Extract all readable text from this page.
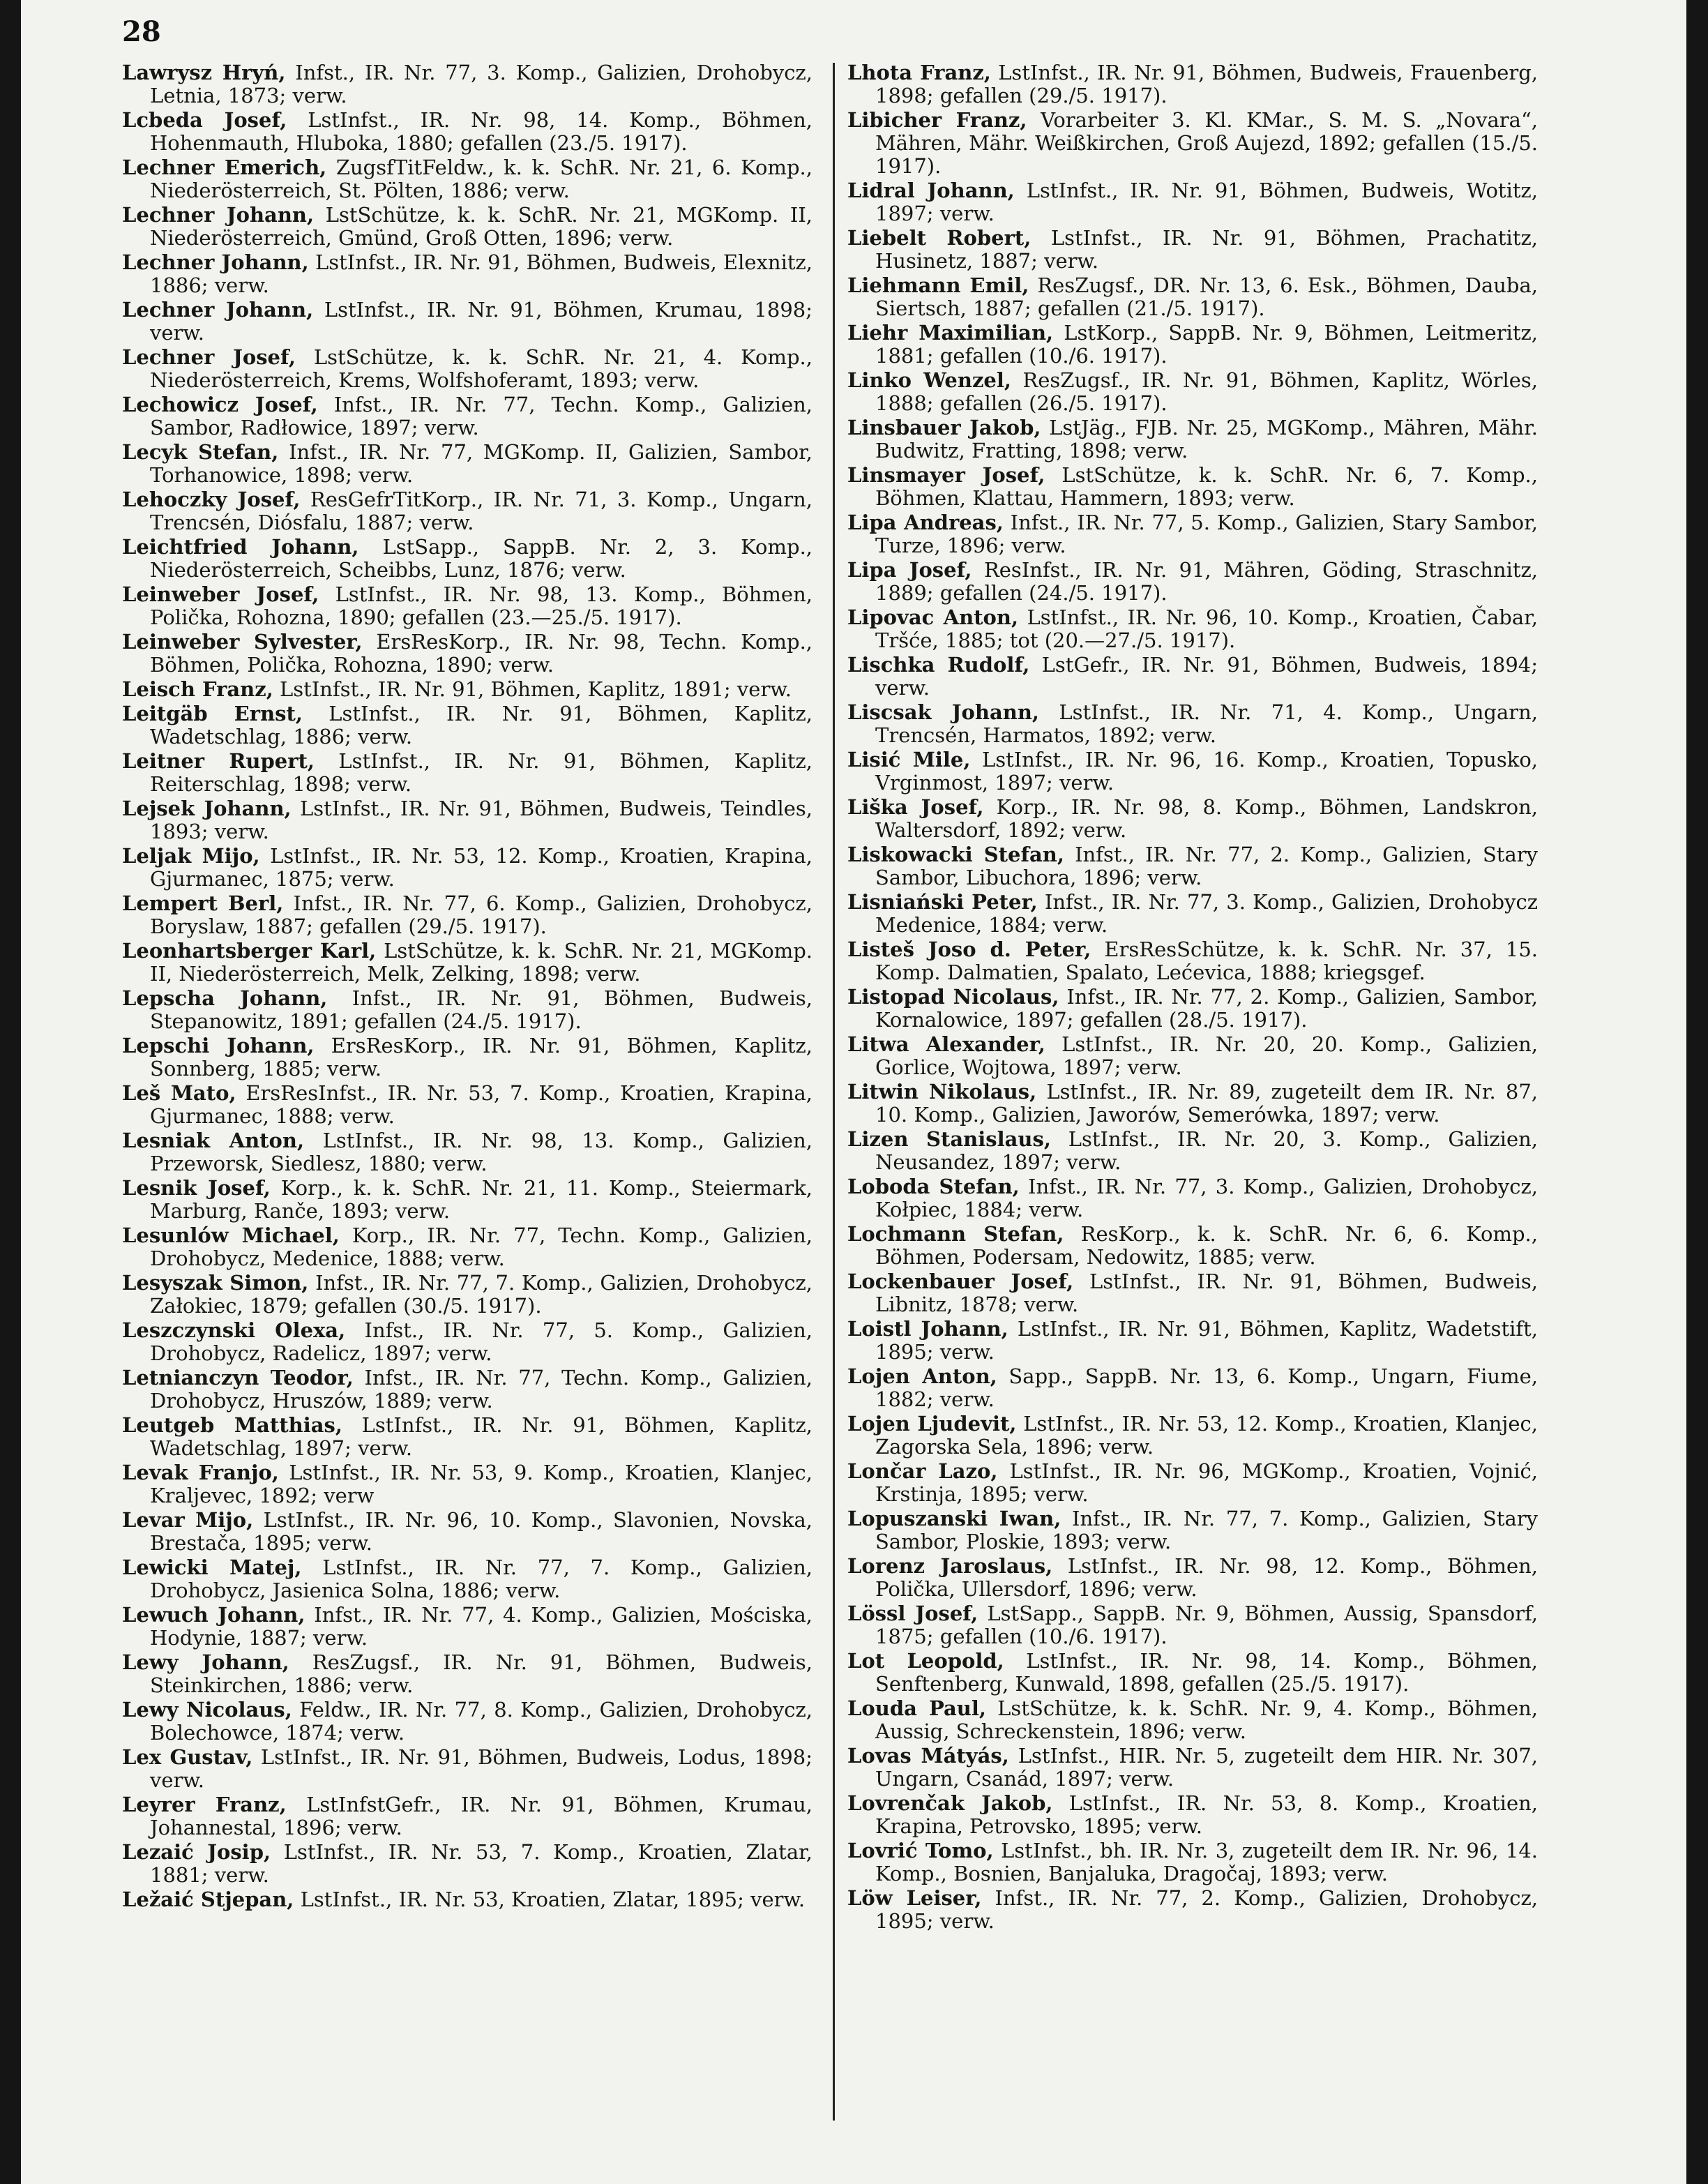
28

Lawrysz Hryń, Infst., IR. Nr. 77, 3. Komp., Galizien, Drohobycz, Letnia, 1873; verw.

Lcbeda Josef, LstInfst., IR. Nr. 98, 14. Komp., Böhmen, Hohenmauth, Hluboka, 1880; gefallen (23./5. 1917).

Lechner Emerich, ZugsfTitFeldw., k. k. SchR. Nr. 21, 6. Komp., Niederösterreich, St. Pölten, 1886; verw.

Lechner Johann, LstSchütze, k. k. SchR. Nr. 21, MGKomp. II, Niederösterreich, Gmünd, Groß Otten, 1896; verw.

Lechner Johann, LstInfst., IR. Nr. 91, Böhmen, Budweis, Elexnitz, 1886; verw.

Lechner Johann, LstInfst., IR. Nr. 91, Böhmen, Krumau, 1898; verw.

Lechner Josef, LstSchütze, k. k. SchR. Nr. 21, 4. Komp., Niederösterreich, Krems, Wolfshoferamt, 1893; verw.

Lechowicz Josef, Infst., IR. Nr. 77, Techn. Komp., Galizien, Sambor, Radłowice, 1897; verw.

Lecyk Stefan, Infst., IR. Nr. 77, MGKomp. II, Galizien, Sambor, Torhanowice, 1898; verw.

Lehoczky Josef, ResGefrTitKorp., IR. Nr. 71, 3. Komp., Ungarn, Trencsén, Diósfalu, 1887; verw.

Leichtfried Johann, LstSapp., SappB. Nr. 2, 3. Komp., Niederösterreich, Scheibbs, Lunz, 1876; verw.

Leinweber Josef, LstInfst., IR. Nr. 98, 13. Komp., Böhmen, Polička, Rohozna, 1890; gefallen (23.—25./5. 1917).

Leinweber Sylvester, ErsResKorp., IR. Nr. 98, Techn. Komp., Böhmen, Polička, Rohozna, 1890; verw.

Leisch Franz, LstInfst., IR. Nr. 91, Böhmen, Kaplitz, 1891; verw.

Leitgäb Ernst, LstInfst., IR. Nr. 91, Böhmen, Kaplitz, Wadetschlag, 1886; verw.

Leitner Rupert, LstInfst., IR. Nr. 91, Böhmen, Kaplitz, Reiterschlag, 1898; verw.

Lejsek Johann, LstInfst., IR. Nr. 91, Böhmen, Budweis, Teindles, 1893; verw.

Leljak Mijo, LstInfst., IR. Nr. 53, 12. Komp., Kroatien, Krapina, Gjurmanec, 1875; verw.

Lempert Berl, Infst., IR. Nr. 77, 6. Komp., Galizien, Drohobycz, Boryslaw, 1887; gefallen (29./5. 1917).

Leonhartsberger Karl, LstSchütze, k. k. SchR. Nr. 21, MGKomp. II, Niederösterreich, Melk, Zelking, 1898; verw.

Lepscha Johann, Infst., IR. Nr. 91, Böhmen, Budweis, Stepanowitz, 1891; gefallen (24./5. 1917).

Lepschi Johann, ErsResKorp., IR. Nr. 91, Böhmen, Kaplitz, Sonnberg, 1885; verw.

Leš Mato, ErsResInfst., IR. Nr. 53, 7. Komp., Kroatien, Krapina, Gjurmanec, 1888; verw.

Lesniak Anton, LstInfst., IR. Nr. 98, 13. Komp., Galizien, Przeworsk, Siedlesz, 1880; verw.

Lesnik Josef, Korp., k. k. SchR. Nr. 21, 11. Komp., Steiermark, Marburg, Ranče, 1893; verw.

Lesunlów Michael, Korp., IR. Nr. 77, Techn. Komp., Galizien, Drohobycz, Medenice, 1888; verw.

Lesyszak Simon, Infst., IR. Nr. 77, 7. Komp., Galizien, Drohobycz, Załokiec, 1879; gefallen (30./5. 1917).

Leszczynski Olexa, Infst., IR. Nr. 77, 5. Komp., Galizien, Drohobycz, Radelicz, 1897; verw.

Letnianczyn Teodor, Infst., IR. Nr. 77, Techn. Komp., Galizien, Drohobycz, Hruszów, 1889; verw.

Leutgeb Matthias, LstInfst., IR. Nr. 91, Böhmen, Kaplitz, Wadetschlag, 1897; verw.

Levak Franjo, LstInfst., IR. Nr. 53, 9. Komp., Kroatien, Klanjec, Kraljevec, 1892; verw

Levar Mijo, LstInfst., IR. Nr. 96, 10. Komp., Slavonien, Novska, Brestača, 1895; verw.

Lewicki Matej, LstInfst., IR. Nr. 77, 7. Komp., Galizien, Drohobycz, Jasienica Solna, 1886; verw.

Lewuch Johann, Infst., IR. Nr. 77, 4. Komp., Galizien, Mościska, Hodynie, 1887; verw.

Lewy Johann, ResZugsf., IR. Nr. 91, Böhmen, Budweis, Steinkirchen, 1886; verw.

Lewy Nicolaus, Feldw., IR. Nr. 77, 8. Komp., Galizien, Drohobycz, Bolechowce, 1874; verw.

Lex Gustav, LstInfst., IR. Nr. 91, Böhmen, Budweis, Lodus, 1898; verw.

Leyrer Franz, LstInfstGefr., IR. Nr. 91, Böhmen, Krumau, Johannestal, 1896; verw.

Lezaić Josip, LstInfst., IR. Nr. 53, 7. Komp., Kroatien, Zlatar, 1881; verw.

Ležaić Stjepan, LstInfst., IR. Nr. 53, Kroatien, Zlatar, 1895; verw.

Lhota Franz, LstInfst., IR. Nr. 91, Böhmen, Budweis, Frauenberg, 1898; gefallen (29./5. 1917).

Libicher Franz, Vorarbeiter 3. Kl. KMar., S. M. S. „Novara“, Mähren, Mähr. Weißkirchen, Groß Aujezd, 1892; gefallen (15./5. 1917).

Lidral Johann, LstInfst., IR. Nr. 91, Böhmen, Budweis, Wotitz, 1897; verw.

Liebelt Robert, LstInfst., IR. Nr. 91, Böhmen, Prachatitz, Husinetz, 1887; verw.

Liehmann Emil, ResZugsf., DR. Nr. 13, 6. Esk., Böhmen, Dauba, Siertsch, 1887; gefallen (21./5. 1917).

Liehr Maximilian, LstKorp., SappB. Nr. 9, Böhmen, Leitmeritz, 1881; gefallen (10./6. 1917).

Linko Wenzel, ResZugsf., IR. Nr. 91, Böhmen, Kaplitz, Wörles, 1888; gefallen (26./5. 1917).

Linsbauer Jakob, LstJäg., FJB. Nr. 25, MGKomp., Mähren, Mähr. Budwitz, Fratting, 1898; verw.

Linsmayer Josef, LstSchütze, k. k. SchR. Nr. 6, 7. Komp., Böhmen, Klattau, Hammern, 1893; verw.

Lipa Andreas, Infst., IR. Nr. 77, 5. Komp., Galizien, Stary Sambor, Turze, 1896; verw.

Lipa Josef, ResInfst., IR. Nr. 91, Mähren, Göding, Straschnitz, 1889; gefallen (24./5. 1917).

Lipovac Anton, LstInfst., IR. Nr. 96, 10. Komp., Kroatien, Čabar, Tršće, 1885; tot (20.—27./5. 1917).

Lischka Rudolf, LstGefr., IR. Nr. 91, Böhmen, Budweis, 1894; verw.

Liscsak Johann, LstInfst., IR. Nr. 71, 4. Komp., Ungarn, Trencsén, Harmatos, 1892; verw.

Lisić Mile, LstInfst., IR. Nr. 96, 16. Komp., Kroatien, Topusko, Vrginmost, 1897; verw.

Liška Josef, Korp., IR. Nr. 98, 8. Komp., Böhmen, Landskron, Waltersdorf, 1892; verw.

Liskowacki Stefan, Infst., IR. Nr. 77, 2. Komp., Galizien, Stary Sambor, Libuchora, 1896; verw.

Lisniański Peter, Infst., IR. Nr. 77, 3. Komp., Galizien, Drohobycz Medenice, 1884; verw.

Listeš Joso d. Peter, ErsResSchütze, k. k. SchR. Nr. 37, 15. Komp. Dalmatien, Spalato, Lećevica, 1888; kriegsgef.

Listopad Nicolaus, Infst., IR. Nr. 77, 2. Komp., Galizien, Sambor, Kornalowice, 1897; gefallen (28./5. 1917).

Litwa Alexander, LstInfst., IR. Nr. 20, 20. Komp., Galizien, Gorlice, Wojtowa, 1897; verw.

Litwin Nikolaus, LstInfst., IR. Nr. 89, zugeteilt dem IR. Nr. 87, 10. Komp., Galizien, Jaworów, Semerówka, 1897; verw.

Lizen Stanislaus, LstInfst., IR. Nr. 20, 3. Komp., Galizien, Neusandez, 1897; verw.

Loboda Stefan, Infst., IR. Nr. 77, 3. Komp., Galizien, Drohobycz, Kołpiec, 1884; verw.

Lochmann Stefan, ResKorp., k. k. SchR. Nr. 6, 6. Komp., Böhmen, Podersam, Nedowitz, 1885; verw.

Lockenbauer Josef, LstInfst., IR. Nr. 91, Böhmen, Budweis, Libnitz, 1878; verw.

Loistl Johann, LstInfst., IR. Nr. 91, Böhmen, Kaplitz, Wadetstift, 1895; verw.

Lojen Anton, Sapp., SappB. Nr. 13, 6. Komp., Ungarn, Fiume, 1882; verw.

Lojen Ljudevit, LstInfst., IR. Nr. 53, 12. Komp., Kroatien, Klanjec, Zagorska Sela, 1896; verw.

Lončar Lazo, LstInfst., IR. Nr. 96, MGKomp., Kroatien, Vojnić, Krstinja, 1895; verw.

Lopuszanski Iwan, Infst., IR. Nr. 77, 7. Komp., Galizien, Stary Sambor, Ploskie, 1893; verw.

Lorenz Jaroslaus, LstInfst., IR. Nr. 98, 12. Komp., Böhmen, Polička, Ullersdorf, 1896; verw.

Lössl Josef, LstSapp., SappB. Nr. 9, Böhmen, Aussig, Spansdorf, 1875; gefallen (10./6. 1917).

Lot Leopold, LstInfst., IR. Nr. 98, 14. Komp., Böhmen, Senftenberg, Kunwald, 1898, gefallen (25./5. 1917).

Louda Paul, LstSchütze, k. k. SchR. Nr. 9, 4. Komp., Böhmen, Aussig, Schreckenstein, 1896; verw.

Lovas Mátyás, LstInfst., HIR. Nr. 5, zugeteilt dem HIR. Nr. 307, Ungarn, Csanád, 1897; verw.

Lovrenčak Jakob, LstInfst., IR. Nr. 53, 8. Komp., Kroatien, Krapina, Petrovsko, 1895; verw.

Lovrić Tomo, LstInfst., bh. IR. Nr. 3, zugeteilt dem IR. Nr. 96, 14. Komp., Bosnien, Banjaluka, Dragočaj, 1893; verw.

Löw Leiser, Infst., IR. Nr. 77, 2. Komp., Galizien, Drohobycz, 1895; verw.
